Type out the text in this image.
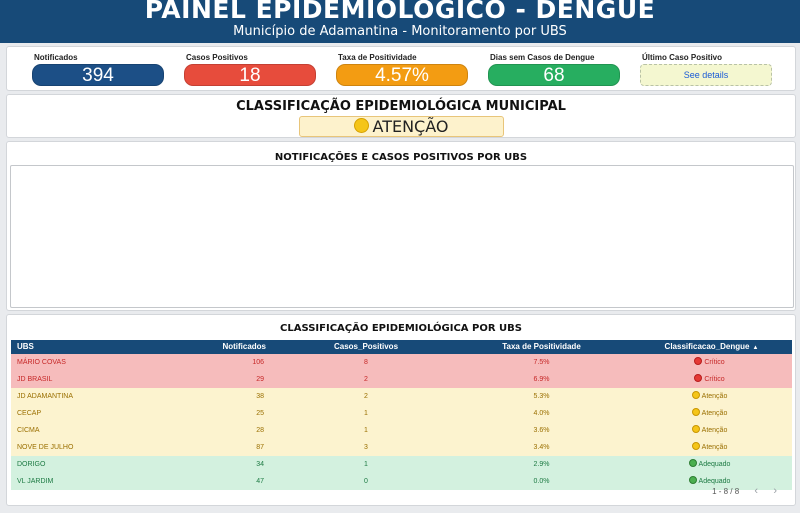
PAINEL EPIDEMIOLOGICO - DENGUE
Município de Adamantina - Monitoramento por UBS
Notificados
394
Casos Positivos
18
Taxa de Positividade
4.57%
Dias sem Casos de Dengue
68
Último Caso Positivo
See details
CLASSIFICAÇÃO EPIDEMIOLÓGICA MUNICIPAL
ATENÇÃO
NOTIFICAÇÕES E CASOS POSITIVOS POR UBS
CLASSIFICAÇÃO EPIDEMIOLÓGICA POR UBS
UBS	Notificados	Casos_Positivos	Taxa de Positividade	Classificacao_Dengue ▲
MÁRIO COVAS	106	8	7.5%	Crítico
JD BRASIL	29	2	6.9%	Crítico
JD ADAMANTINA	38	2	5.3%	Atenção
CECAP	25	1	4.0%	Atenção
CICMA	28	1	3.6%	Atenção
NOVE DE JULHO	87	3	3.4%	Atenção
DORIGO	34	1	2.9%	Adequado
VL JARDIM	47	0	0.0%	Adequado
1 - 8 / 8 ‹ ›
